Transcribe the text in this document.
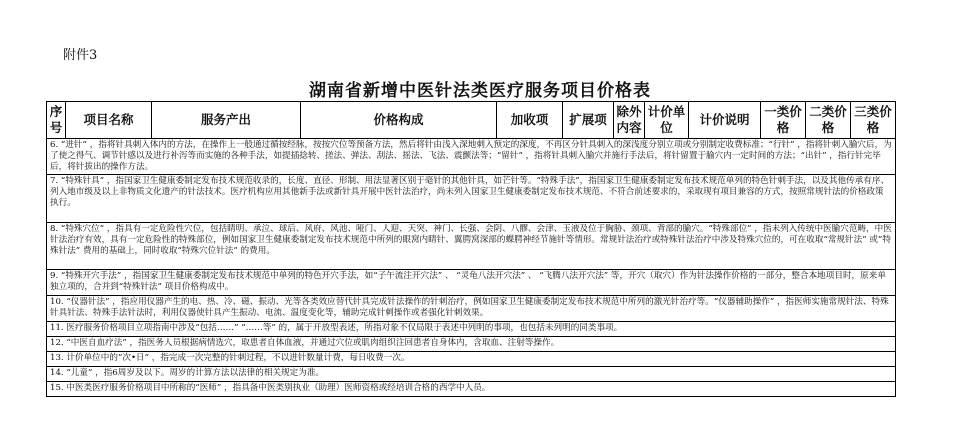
附件3
湖南省新增中医针法类医疗服务项目价格表
序号	项目名称	服务产出	价格构成	加收项	扩展项	除外内容	计价单位	计价说明	一类价格	二类价格	三类价格
6. “进针” ，指将针具刺入体内的方法，在操作上一般通过循按经脉，按按穴位等预备方法，然后将针由浅入深地刺入预定的深度，不再区分针具刺入的深浅度分别立项或分别制定收费标准；“行针” ，指将针刺入腧穴后，为了使之得气、调节针感以及进行补泻等而实施的各种手法，如提插捻转、搓法、弹法、刮法、摇法、飞法、震颤法等；“留针” ，指将针具刺入腧穴并施行手法后，将针留置于腧穴内一定时间的方法；“出针” ，指行针完毕后，将针拔出的操作方法。
7. “特殊针具” ，指国家卫生健康委制定发布技术规范收录的，长度、直径、形制、用法显著区别于毫针的其他针具，如芒针等。“特殊手法”，指国家卫生健康委制定发布技术规范单列的特色针刺手法，以及其他传承有序、列入地市级及以上非物质文化遗产的针法技术。医疗机构应用其他新手法或新针具开展中医针法治疗，尚未列入国家卫生健康委制定发布技术规范、不符合前述要求的，采取现有项目兼容的方式，按照常规针法的价格政策执行。
8. “特殊穴位” ，指具有一定危险性穴位，包括睛明、承泣、球后、风府、风池、哑门、人迎、天突、神门、长强、会阴、八髎、会津、玉液及位于胸胁、颈项、背部的腧穴。“特殊部位” ，指未列入传统中医腧穴范畴，中医针法治疗有效，具有一定危险性的特殊部位，例如国家卫生健康委制定发布技术规范中所列的眼窝内睛针、翼腭窝深部的蝶腭神经节施针等情形。常规针法治疗或特殊针法治疗中涉及特殊穴位的，可在收取“常规针法” 或“特殊针法” 费用的基础上，同时收取“特殊穴位针法” 的费用。
9. “特殊开穴手法” ，指国家卫生健康委制定发布技术规范中单列的特色开穴手法，如“子午流注开穴法” 、 “灵龟八法开穴法” 、 “飞腾八法开穴法” 等，开穴（取穴）作为针法操作价格的一部分，整合本地项目时，原来单独立项的，合并到“特殊针法” 项目价格构成中。
10. “仪器针法” ，指应用仪器产生的电、热、冷、磁、振动、光等各类效应替代针具完成针法操作的针刺治疗，例如国家卫生健康委制定发布技术规范中所列的激光针治疗等。“仪器辅助操作” ，指医师实施常规针法、特殊针具针法、特殊手法针法时，利用仪器使针具产生振动、电流、温度变化等，辅助完成针刺操作或者强化针刺效果。
11. 医疗服务价格项目立项指南中涉及“包括……” “……等” 的，属于开放型表述，所指对象不仅局限于表述中列明的事项，也包括未列明的同类事项。
12. “中医自血疗法” ，指医务人员根据病情选穴，取患者自体血液，并通过穴位或肌肉组织注回患者自身体内，含取血、注射等操作。
13. 计价单位中的“次•日” ，指完成一次完整的针刺过程，不以进针数量计费，每日收费一次。
14. “儿童” ，指6周岁及以下。周岁的计算方法以法律的相关规定为准。
15. 中医类医疗服务价格项目中所称的“医师” ，指具备中医类别执业（助理）医师资格或经培训合格的西学中人员。
